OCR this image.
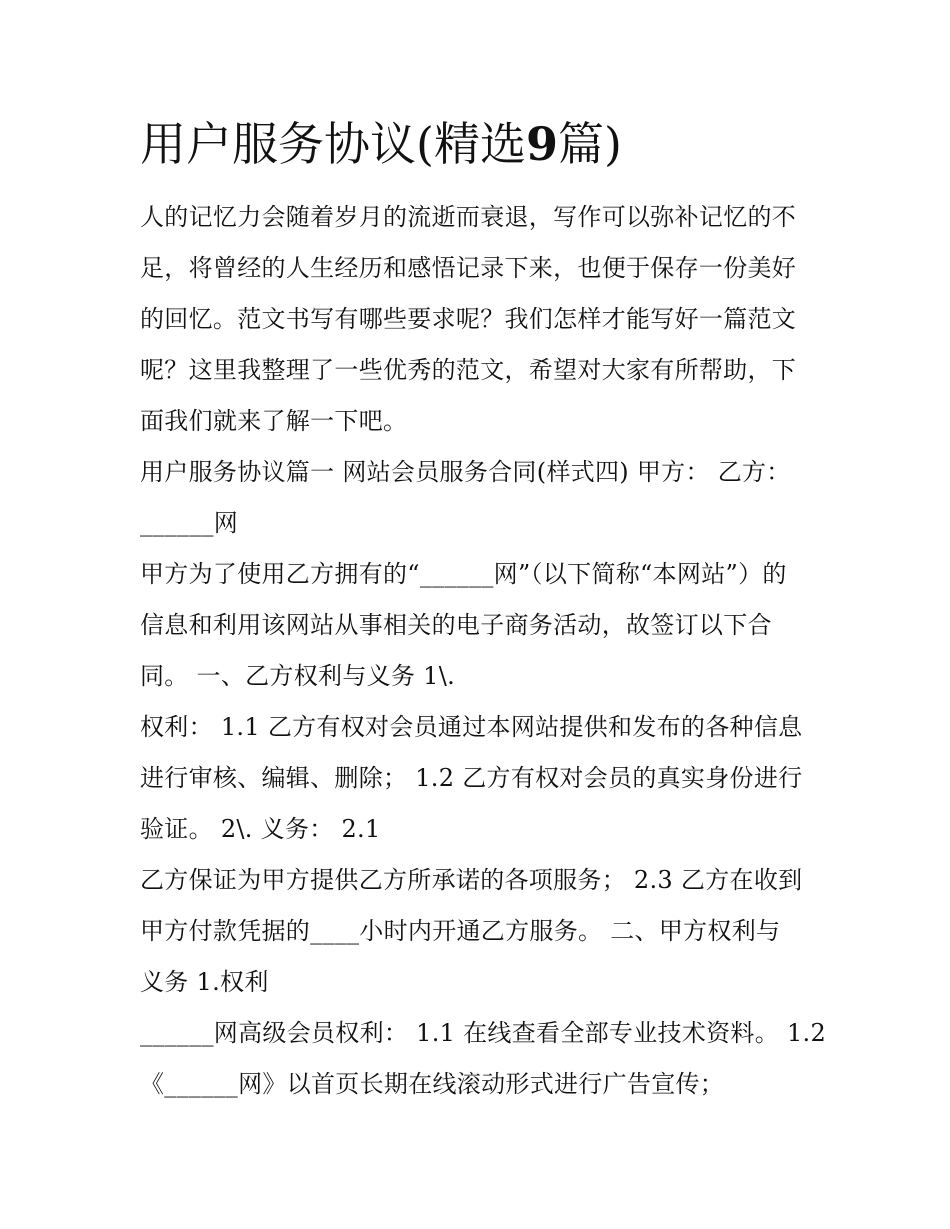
用户服务协议(精选9篇)
人的记忆力会随着岁月的流逝而衰退，写作可以弥补记忆的不
足，将曾经的人生经历和感悟记录下来，也便于保存一份美好
的回忆。范文书写有哪些要求呢？我们怎样才能写好一篇范文
呢？这里我整理了一些优秀的范文，希望对大家有所帮助，下
面我们就来了解一下吧。
用户服务协议篇一 网站会员服务合同(样式四) 甲方： 乙方：
______网
甲方为了使用乙方拥有的“______网”（以下简称“本网站”）的
信息和利用该网站从事相关的电子商务活动，故签订以下合
同。 一、乙方权利与义务 1\.
权利： 1.1 乙方有权对会员通过本网站提供和发布的各种信息
进行审核、编辑、删除； 1.2 乙方有权对会员的真实身份进行
验证。 2\. 义务： 2.1
乙方保证为甲方提供乙方所承诺的各项服务； 2.3 乙方在收到
甲方付款凭据的____小时内开通乙方服务。 二、甲方权利与
义务 1.权利
______网高级会员权利： 1.1 在线查看全部专业技术资料。 1.2
《______网》以首页长期在线滚动形式进行广告宣传；
